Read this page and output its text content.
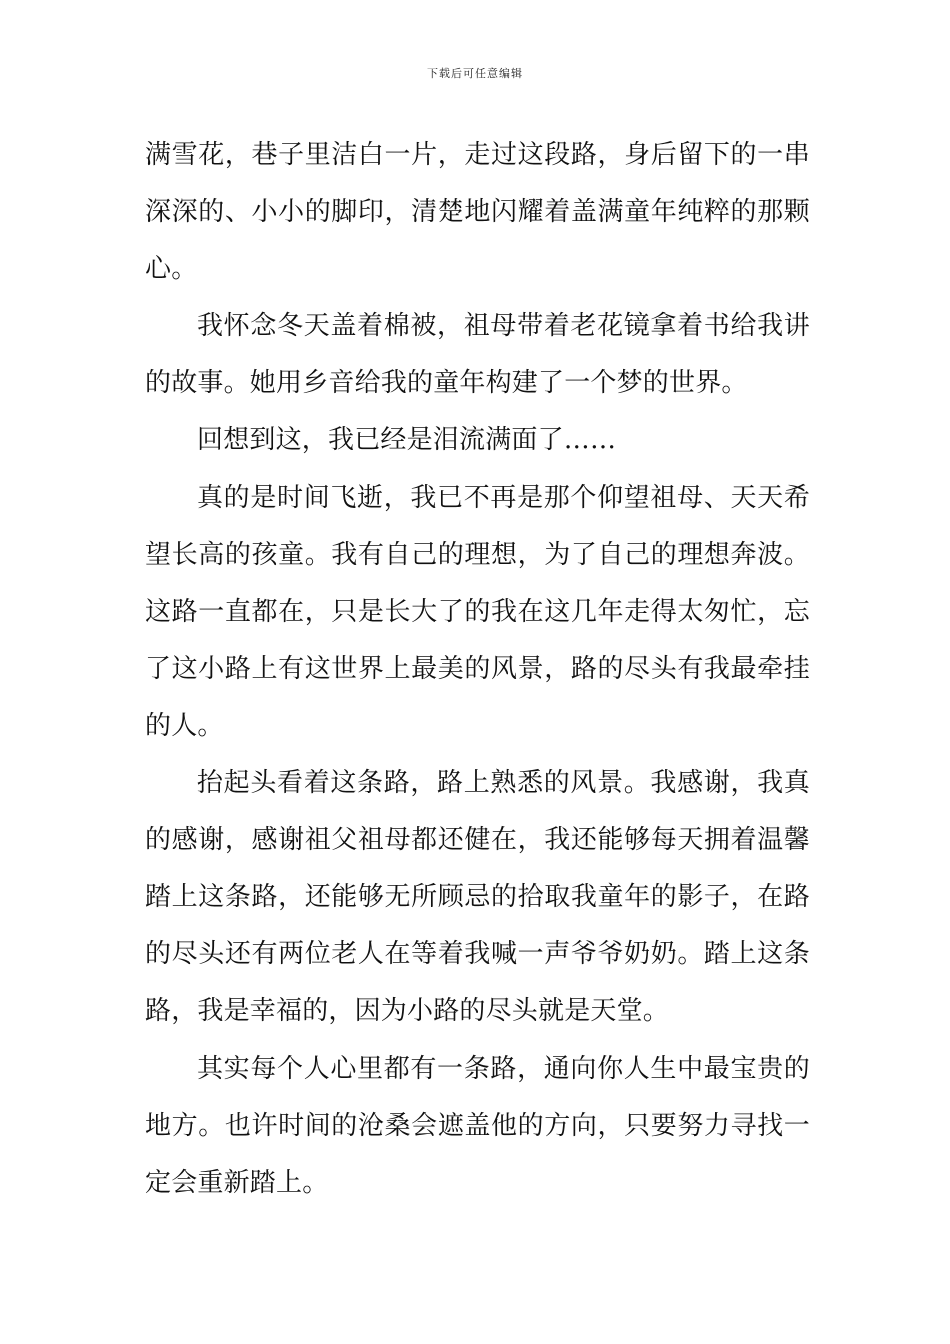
下载后可任意编辑

满雪花，巷子里洁白一片，走过这段路，身后留下的一串深深的、小小的脚印，清楚地闪耀着盖满童年纯粹的那颗心。

我怀念冬天盖着棉被，祖母带着老花镜拿着书给我讲的故事。她用乡音给我的童年构建了一个梦的世界。

回想到这，我已经是泪流满面了……

真的是时间飞逝，我已不再是那个仰望祖母、天天希望长高的孩童。我有自己的理想，为了自己的理想奔波。这路一直都在，只是长大了的我在这几年走得太匆忙，忘了这小路上有这世界上最美的风景，路的尽头有我最牵挂的人。

抬起头看着这条路，路上熟悉的风景。我感谢，我真的感谢，感谢祖父祖母都还健在，我还能够每天拥着温馨踏上这条路，还能够无所顾忌的拾取我童年的影子，在路的尽头还有两位老人在等着我喊一声爷爷奶奶。踏上这条路，我是幸福的，因为小路的尽头就是天堂。

其实每个人心里都有一条路，通向你人生中最宝贵的地方。也许时间的沧桑会遮盖他的方向，只要努力寻找一定会重新踏上。
